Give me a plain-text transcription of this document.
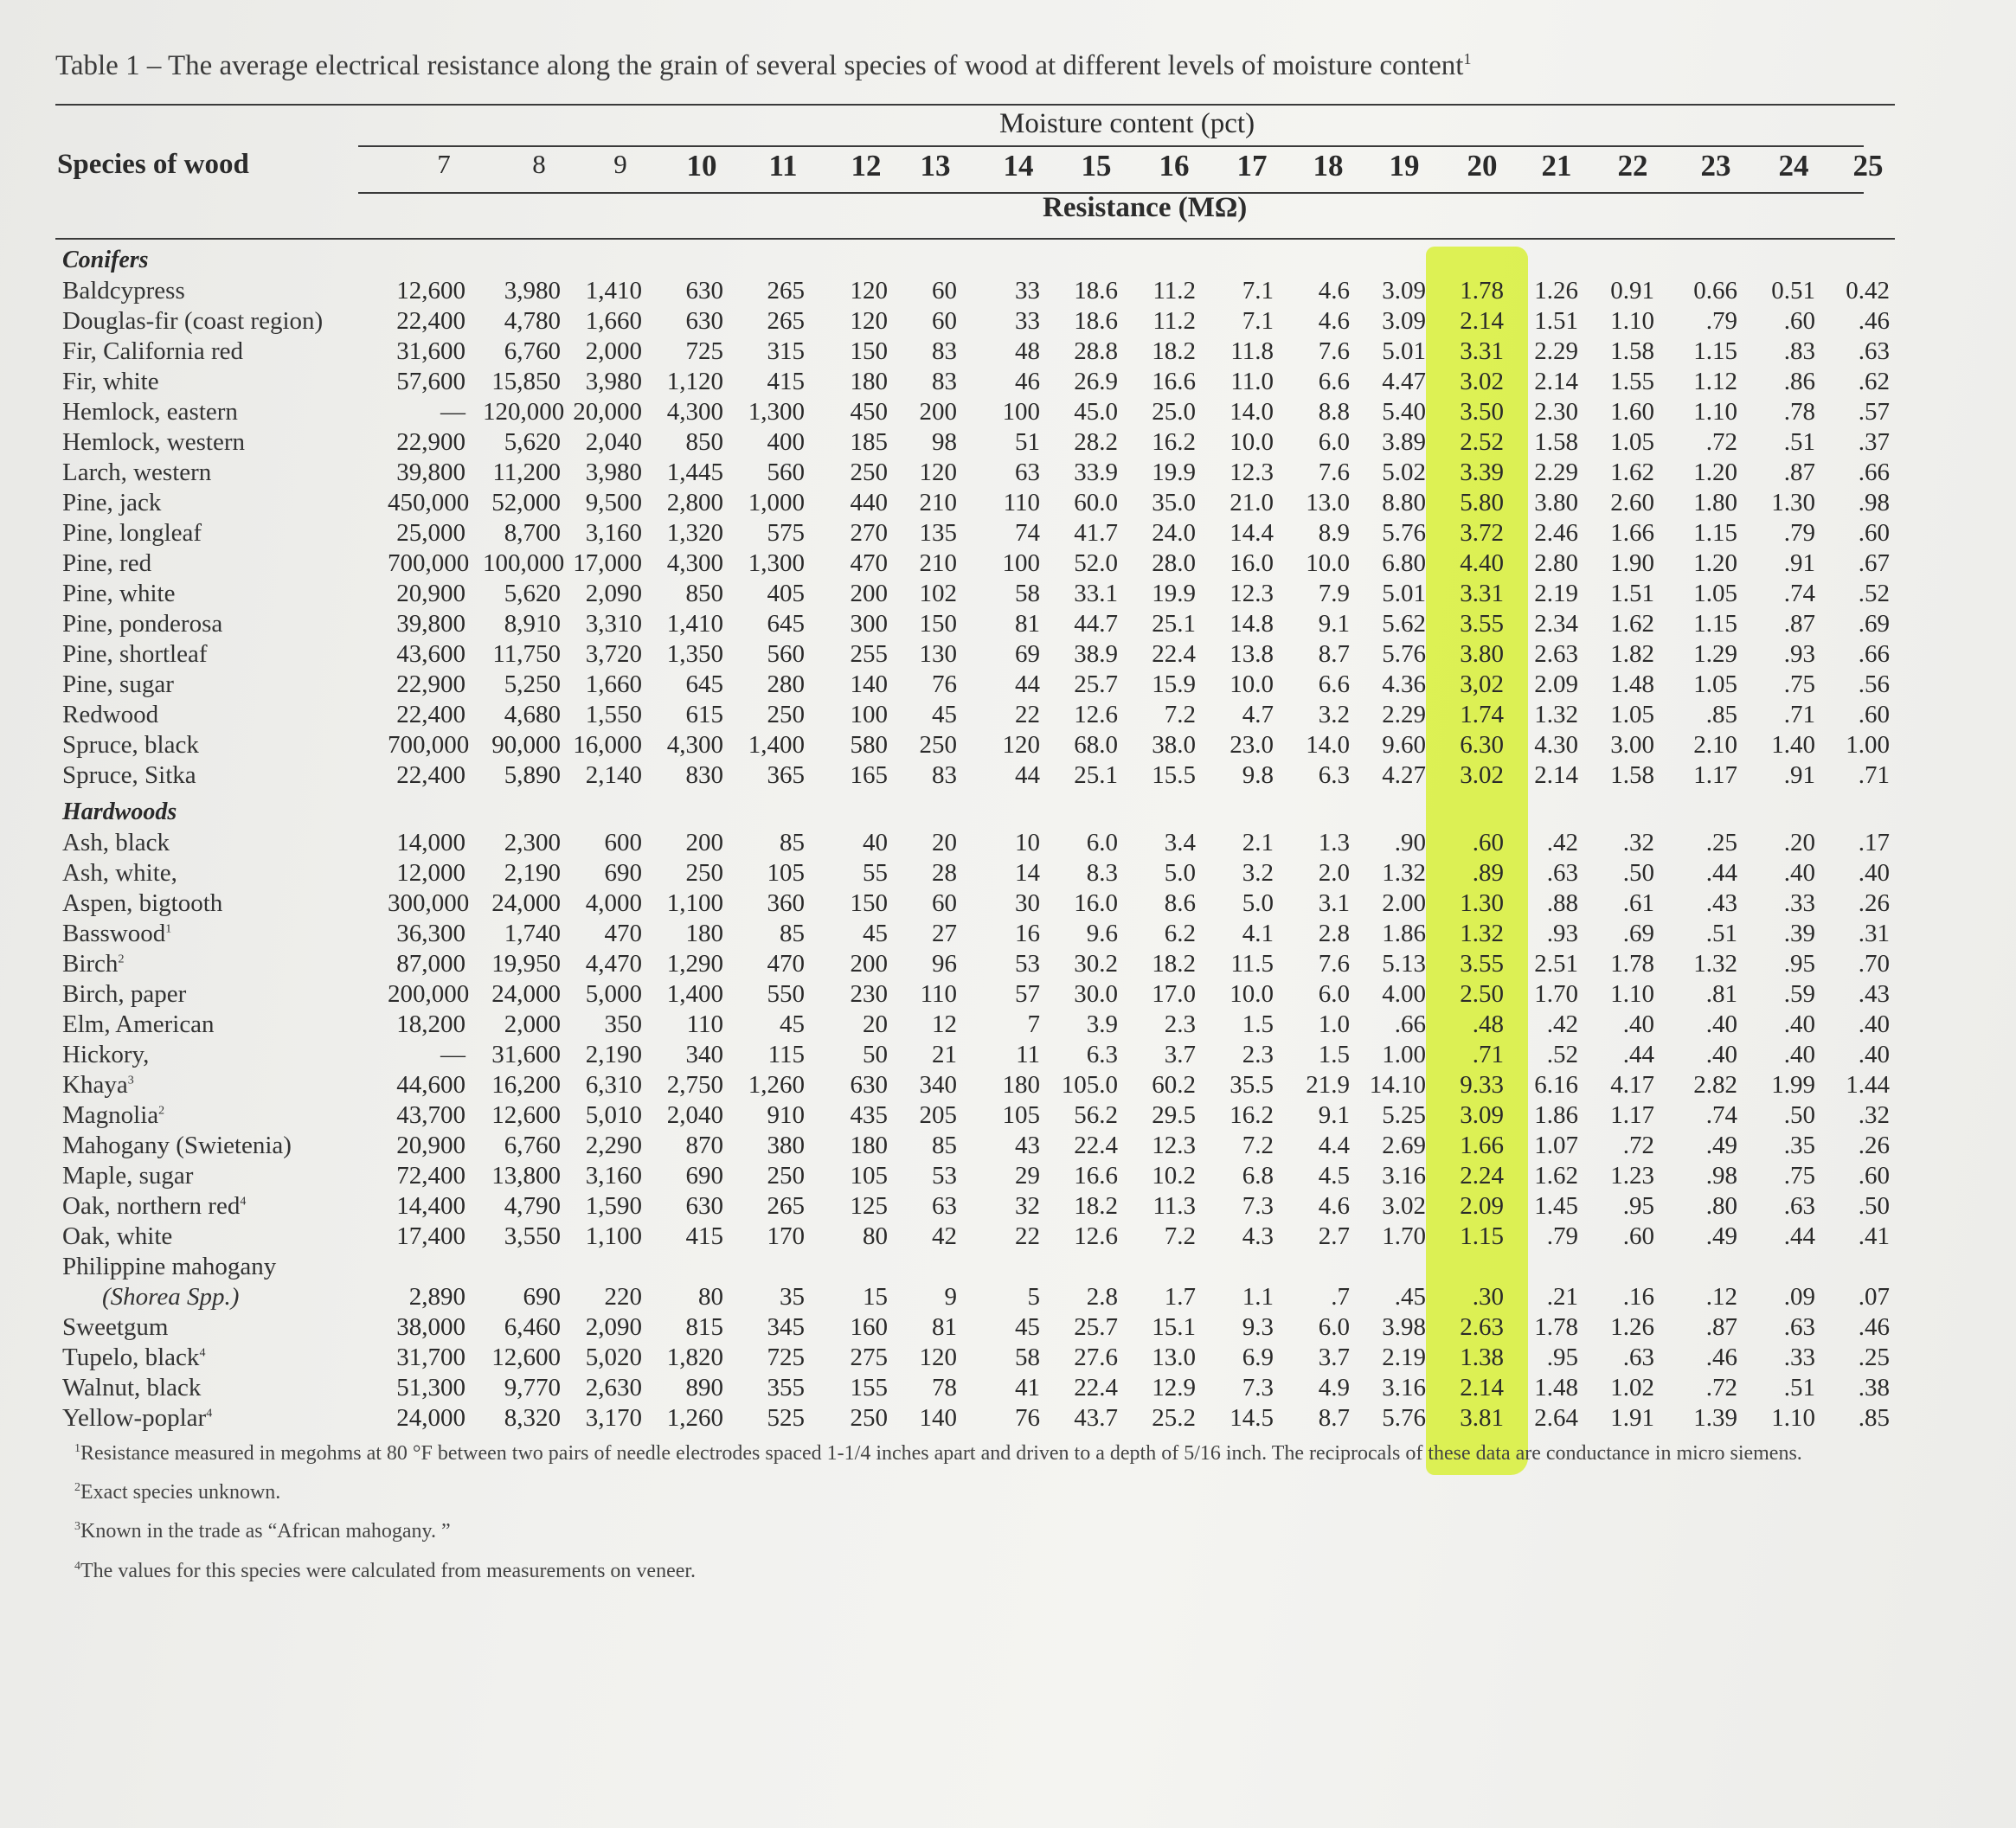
Table 1 – The average electrical resistance along the grain of several species of wood at different levels of moisture content$^1$
Moisture content (pct)
Species of wood	7	8	9	10	11	12	13	14	15	16	17	18	19	20	21	22	23	24	25
Resistance (MΩ)
Conifers
Baldcypress	12,600	3,980 1,410	630	265	120	60	33	18.6	11.2	7.1	4.6	3.09	1.78	1.26	0.91	0.66	0.51	0.42
Douglas-fir (coast region)	22,400	4,780 1,660	630	265	120	60	33	18.6	11.2	7.1	4.6	3.09	2.14	1.51	1.10	.79	.60	.46
Fir, California red	31,600	6,760 2,000	725	315	150	83	48	28.8	18.2	11.8	7.6	5.01	3.31	2.29	1.58	1.15	.83	.63
Fir, white	57,600	15,850 3,980 1,120	415	180	83	46	26.9	16.6	11.0	6.6	4.47	3.02	2.14	1.55	1.12	.86	.62
Hemlock, eastern	— 120,000 20,000 4,300 1,300	450	200	100	45.0	25.0	14.0	8.8	5.40	3.50	2.30	1.60	1.10	.78	.57
Hemlock, western	22,900	5,620 2,040	850	400	185	98	51	28.2	16.2	10.0	6.0	3.89	2.52	1.58	1.05	.72	.51	.37
Larch, western	39,800	11,200 3,980 1,445	560	250	120	63	33.9	19.9	12.3	7.6	5.02	3.39	2.29	1.62	1.20	.87	.66
Pine, jack	450,000 52,000 9,500 2,800 1,000	440	210	110	60.0	35.0	21.0	13.0	8.80	5.80	3.80	2.60	1.80	1.30	.98
Pine, longleaf	25,000	8,700 3,160 1,320	575	270	135	74	41.7	24.0	14.4	8.9	5.76	3.72	2.46	1.66	1.15	.79	.60
Pine, red	700,000 100,000 17,000 4,300 1,300	470	210	100	52.0	28.0	16.0	10.0	6.80	4.40	2.80	1.90	1.20	.91	.67
Pine, white	20,900	5,620 2,090	850	405	200	102	58	33.1	19.9	12.3	7.9	5.01	3.31	2.19	1.51	1.05	.74	.52
Pine, ponderosa	39,800	8,910 3,310 1,410	645	300	150	81	44.7	25.1	14.8	9.1	5.62	3.55	2.34	1.62	1.15	.87	.69
Pine, shortleaf	43,600	11,750 3,720 1,350	560	255	130	69	38.9	22.4	13.8	8.7	5.76	3.80	2.63	1.82	1.29	.93	.66
Pine, sugar	22,900	5,250 1,660	645	280	140	76	44	25.7	15.9	10.0	6.6	4.36	3,02	2.09	1.48	1.05	.75	.56
Redwood	22,400	4,680 1,550	615	250	100	45	22	12.6	7.2	4.7	3.2	2.29	1.74	1.32	1.05	.85	.71	.60
Spruce, black	700,000 90,000 16,000 4,300 1,400	580	250	120	68.0	38.0	23.0	14.0	9.60	6.30	4.30	3.00	2.10	1.40	1.00
Spruce, Sitka	22,400	5,890 2,140	830	365	165	83	44	25.1	15.5	9.8	6.3	4.27	3.02	2.14	1.58	1.17	.91	.71
Hardwoods
Ash, black	14,000	2,300	600	200	85	40	20	10	6.0	3.4	2.1	1.3	.90	.60	.42	.32	.25	.20	.17
Ash, white,	12,000	2,190	690	250	105	55	28	14	8.3	5.0	3.2	2.0	1.32	.89	.63	.50	.44	.40	.40
Aspen, bigtooth	300,000 24,000 4,000 1,100	360	150	60	30	16.0	8.6	5.0	3.1	2.00	1.30	.88	.61	.43	.33	.26
Basswood$^1$	36,300	1,740	470	180	85	45	27	16	9.6	6.2	4.1	2.8	1.86	1.32	.93	.69	.51	.39	.31
Birch$^2$	87,000	19,950 4,470 1,290	470	200	96	53	30.2	18.2	11.5	7.6	5.13	3.55	2.51	1.78	1.32	.95	.70
Birch, paper	200,000 24,000 5,000 1,400	550	230	110	57	30.0	17.0	10.0	6.0	4.00	2.50	1.70	1.10	.81	.59	.43
Elm, American	18,200	2,000	350	110	45	20	12	7	3.9	2.3	1.5	1.0	.66	.48	.42	.40	.40	.40	.40
Hickory,	—	31,600 2,190	340	115	50	21	11	6.3	3.7	2.3	1.5	1.00	.71	.52	.44	.40	.40	.40
Khaya$^3$	44,600	16,200 6,310 2,750 1,260	630	340	180 105.0	60.2	35.5	21.9 14.10	9.33	6.16	4.17	2.82	1.99	1.44
Magnolia$^2$	43,700	12,600 5,010 2,040	910	435	205	105	56.2	29.5	16.2	9.1	5.25	3.09	1.86	1.17	.74	.50	.32
Mahogany (Swietenia)	20,900	6,760 2,290	870	380	180	85	43	22.4	12.3	7.2	4.4	2.69	1.66	1.07	.72	.49	.35	.26
Maple, sugar	72,400	13,800 3,160	690	250	105	53	29	16.6	10.2	6.8	4.5	3.16	2.24	1.62	1.23	.98	.75	.60
Oak, northern red$^4$	14,400	4,790 1,590	630	265	125	63	32	18.2	11.3	7.3	4.6	3.02	2.09	1.45	.95	.80	.63	.50
Oak, white	17,400	3,550 1,100	415	170	80	42	22	12.6	7.2	4.3	2.7	1.70	1.15	.79	.60	.49	.44	.41
Philippine mahogany
(Shorea Spp.)	2,890	690	220	80	35	15	9	5	2.8	1.7	1.1	.7	.45	.30	.21	.16	.12	.09	.07
Sweetgum	38,000	6,460 2,090	815	345	160	81	45	25.7	15.1	9.3	6.0	3.98	2.63	1.78	1.26	.87	.63	.46
Tupelo, black$^4$	31,700	12,600 5,020 1,820	725	275	120	58	27.6	13.0	6.9	3.7	2.19	1.38	.95	.63	.46	.33	.25
Walnut, black	51,300	9,770 2,630	890	355	155	78	41	22.4	12.9	7.3	4.9	3.16	2.14	1.48	1.02	.72	.51	.38
Yellow-poplar$^4$	24,000	8,320 3,170 1,260	525	250	140	76	43.7	25.2	14.5	8.7	5.76	3.81	2.64	1.91	1.39	1.10	.85

$^1$Resistance measured in megohms at 80 °F between two pairs of needle electrodes spaced 1-1/4 inches apart and driven to a depth of 5/16 inch. The reciprocals of these data are conductance in micro siemens.

$^2$Exact species unknown.

$^3$Known in the trade as “African mahogany. ”

$^4$The values for this species were calculated from measurements on veneer.
